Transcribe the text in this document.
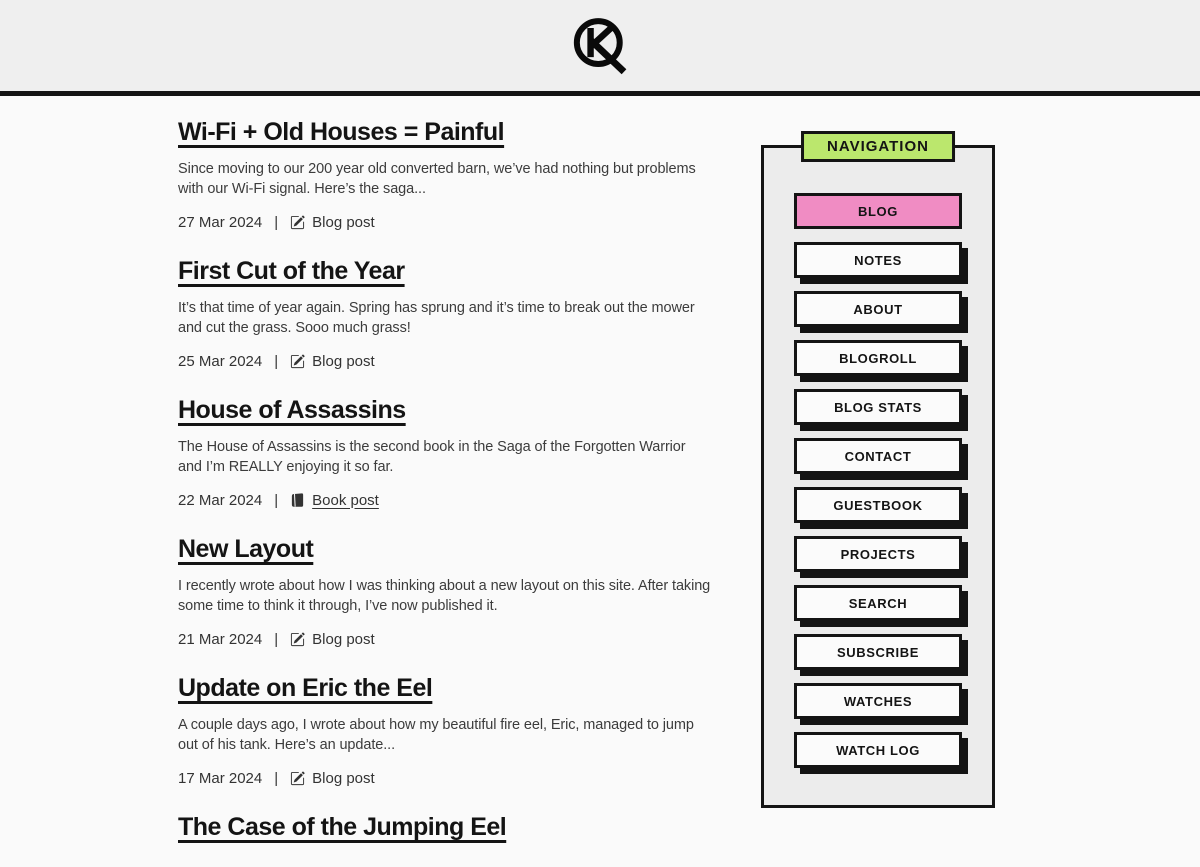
Wi-Fi + Old Houses = Painful

Since moving to our 200 year old converted barn, we’ve had nothing but problems with our Wi-Fi signal. Here’s the saga...

27 Mar 2024 | Blog post
First Cut of the Year

It’s that time of year again. Spring has sprung and it’s time to break out the mower and cut the grass. Sooo much grass!

25 Mar 2024 | Blog post
House of Assassins

The House of Assassins is the second book in the Saga of the Forgotten Warrior and I’m REALLY enjoying it so far.

22 Mar 2024 | Book post
New Layout

I recently wrote about how I was thinking about a new layout on this site. After taking some time to think it through, I’ve now published it.

21 Mar 2024 | Blog post
Update on Eric the Eel

A couple days ago, I wrote about how my beautiful fire eel, Eric, managed to jump out of his tank. Here’s an update...

17 Mar 2024 | Blog post
The Case of the Jumping Eel
NAVIGATION
BLOG
NOTES
ABOUT
BLOGROLL
BLOG STATS
CONTACT
GUESTBOOK
PROJECTS
SEARCH
SUBSCRIBE
WATCHES
WATCH LOG
